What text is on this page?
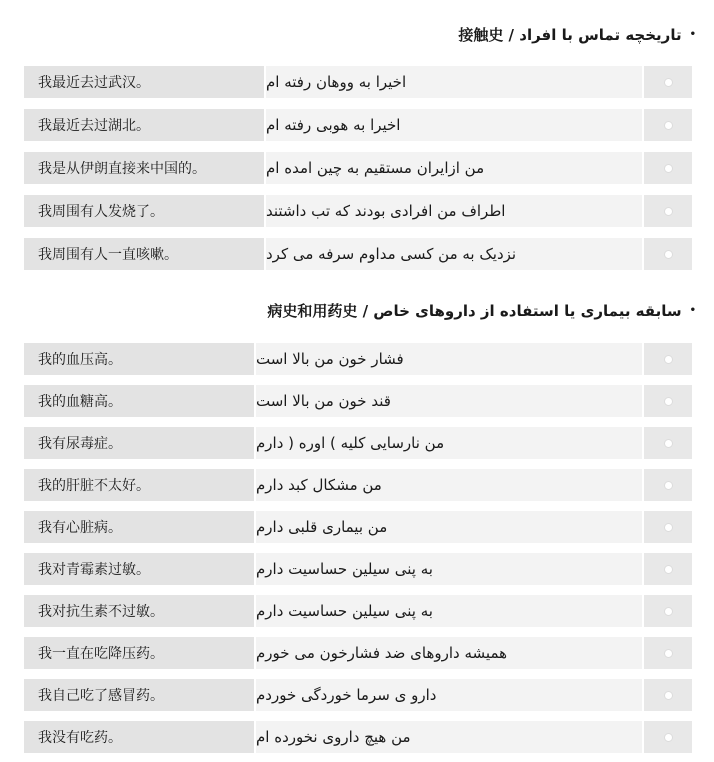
•
تاریخچه تماس با افراد / 接触史
我最近去过武汉。	اخیرا به ووهان رفته ام
我最近去过湖北。	اخیرا به هوبی رفته ام
我是从伊朗直接来中国的。	من ازایران مستقیم به چین امده ام
我周围有人发烧了。	اطراف من افرادی بودند که تب داشتند
我周围有人一直咳嗽。	نزدیک به من کسی مداوم سرفه می کرد
•
سابقه بیماری یا استفاده از داروهای خاص / 病史和用药史
我的血压高。	فشار خون من بالا است
我的血糖高。	قند خون من بالا است
我有尿毒症。	من نارسایی کلیه ) اوره ( دارم
我的肝脏不太好。	من مشکال کبد دارم
我有心脏病。	من بیماری قلبی دارم
我对青霉素过敏。	به پنی سیلین حساسیت دارم
我对抗生素不过敏。	به پنی سیلین حساسیت دارم
我一直在吃降压药。	همیشه داروهای ضد فشارخون می خورم
我自己吃了感冒药。	دارو ی سرما خوردگی خوردم
我没有吃药。	من هیچ داروی نخورده ام
